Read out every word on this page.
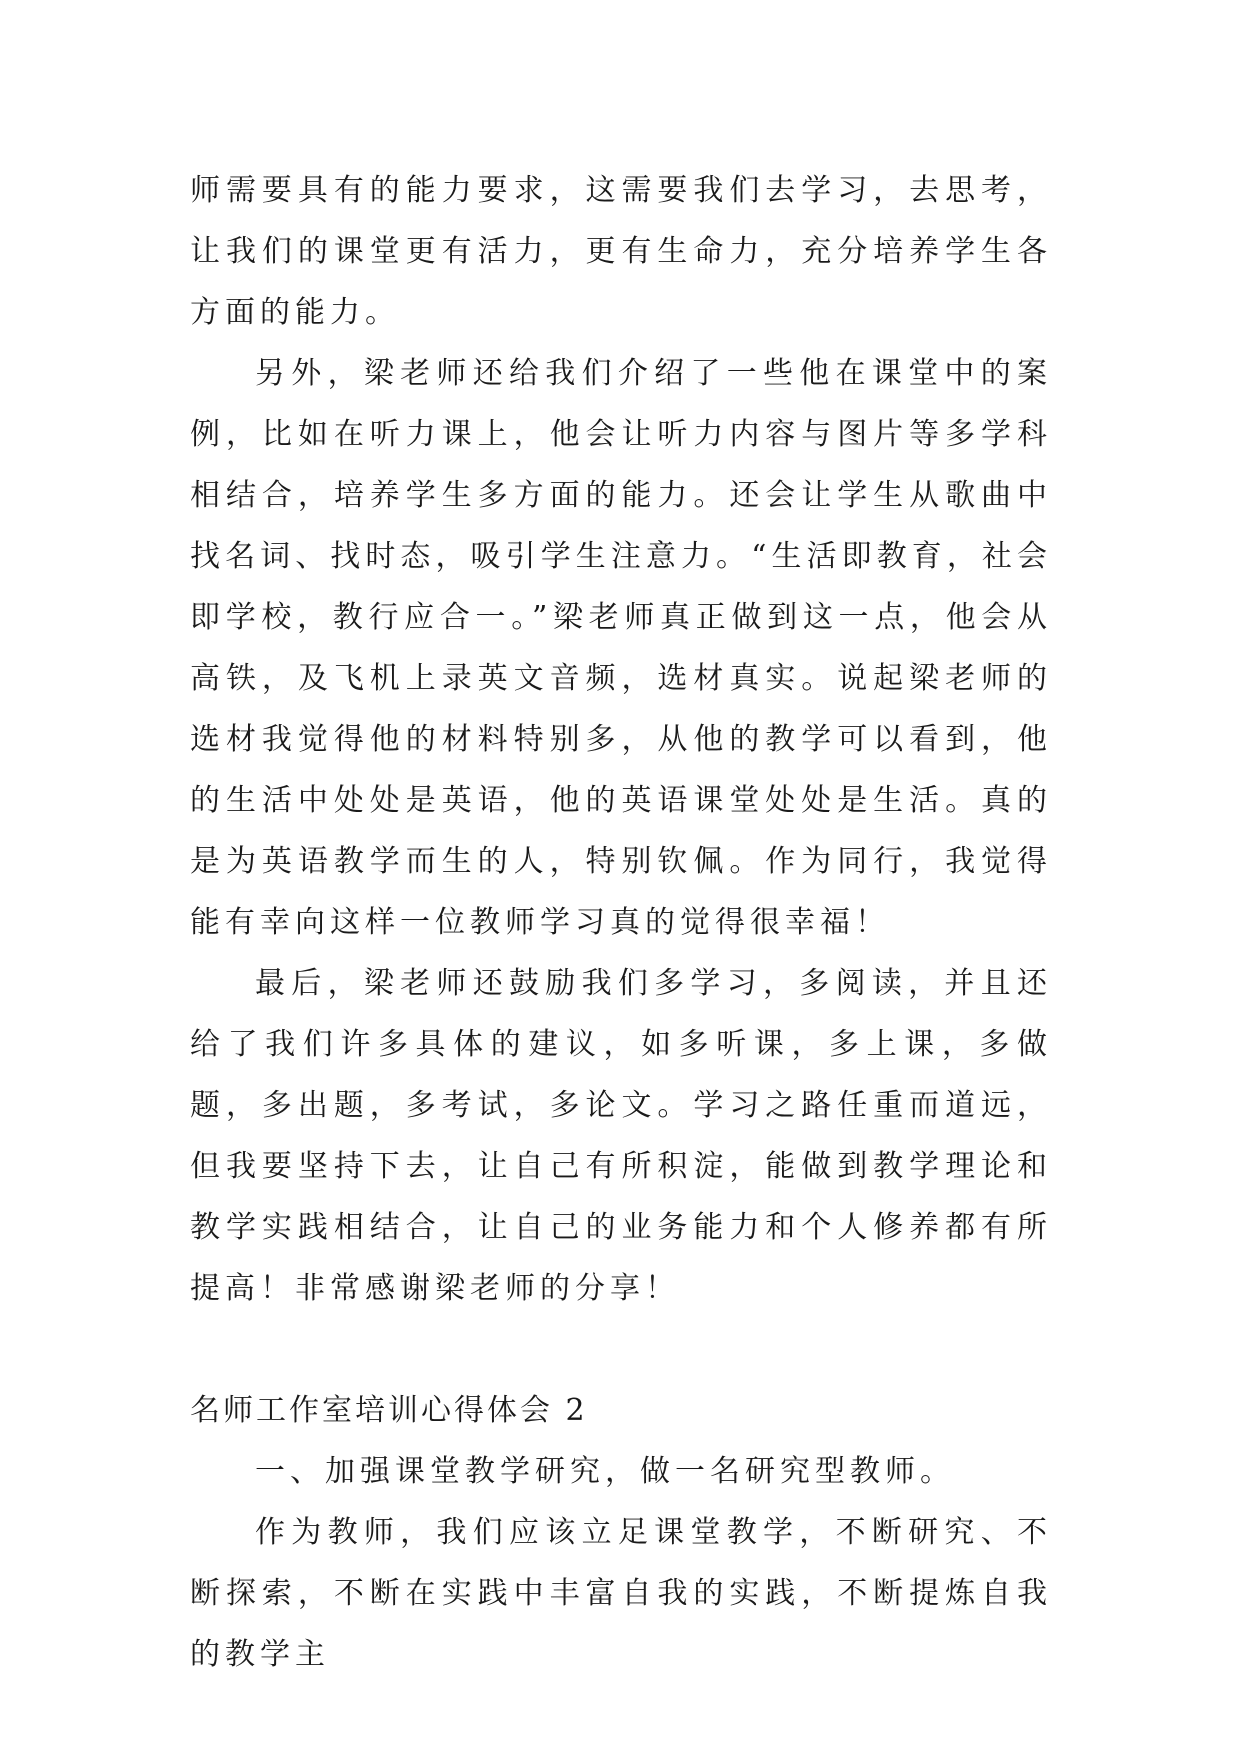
师需要具有的能力要求，这需要我们去学习，去思考，让我们的课堂更有活力，更有生命力，充分培养学生各方面的能力。

另外，梁老师还给我们介绍了一些他在课堂中的案例，比如在听力课上，他会让听力内容与图片等多学科相结合，培养学生多方面的能力。还会让学生从歌曲中找名词、找时态，吸引学生注意力。“生活即教育，社会即学校，教行应合一。”梁老师真正做到这一点，他会从高铁，及飞机上录英文音频，选材真实。说起梁老师的选材我觉得他的材料特别多，从他的教学可以看到，他的生活中处处是英语，他的英语课堂处处是生活。真的是为英语教学而生的人，特别钦佩。作为同行，我觉得能有幸向这样一位教师学习真的觉得很幸福！

最后，梁老师还鼓励我们多学习，多阅读，并且还给了我们许多具体的建议，如多听课，多上课，多做题，多出题，多考试，多论文。学习之路任重而道远，但我要坚持下去，让自己有所积淀，能做到教学理论和教学实践相结合，让自己的业务能力和个人修养都有所提高！非常感谢梁老师的分享！

名师工作室培训心得体会 2

一、加强课堂教学研究，做一名研究型教师。

作为教师，我们应该立足课堂教学，不断研究、不断探索，不断在实践中丰富自我的实践，不断提炼自我的教学主
